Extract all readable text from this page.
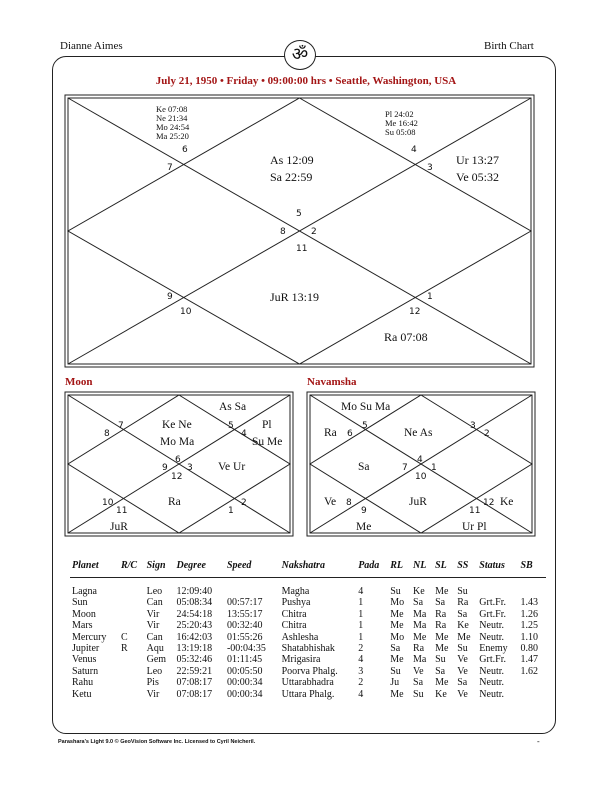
Dianne Aimes	Birth Chart
ॐ
July 21, 1950 • Friday • 09:00:00 hrs • Seattle, Washington, USA
5
8	2
11
6	4
7	3
9	1
10	12
Ke 07:08
Ne 21:34
Mo 24:54
Ma 25:20
Pl 24:02
Me 16:42
Su 05:08
As 12:09
Sa 22:59
Ur 13:27
Ve 05:32
JuR 13:19
Ra 07:08
Moon	Navamsha
As Sa
Ke Ne
Mo Ma
Pl
Su Me
Ve Ur
Ra
JuR
7
8
5
4
6
9
12
3
10
11	1
2
Mo Su Ma
Ra	Ne As
Sa
JuR
Ve	Ke
Me	Ur Pl
5
6
3
2
4
7	1
10
8
9
12
11
Planet	R/C	Sign	Degree	Speed	Nakshatra	Pada	RL	NL	SL	SS	Status	SB
Lagna		Leo	12:09:40		Magha	4	Su	Ke	Me	Su		
Sun		Can	05:08:34	00:57:17	Pushya	1	Mo	Sa	Sa	Ra	Grt.Fr.	1.43
Moon		Vir	24:54:18	13:55:17	Chitra	1	Me	Ma	Ra	Sa	Grt.Fr.	1.26
Mars		Vir	25:20:43	00:32:40	Chitra	1	Me	Ma	Ra	Ke	Neutr.	1.25
Mercury	C	Can	16:42:03	01:55:26	Ashlesha	1	Mo	Me	Me	Me	Neutr.	1.10
Jupiter	R	Aqu	13:19:18	-00:04:35	Shatabhishak	2	Sa	Ra	Me	Su	Enemy	0.80
Venus		Gem	05:32:46	01:11:45	Mrigasira	4	Me	Ma	Su	Ve	Grt.Fr.	1.47
Saturn		Leo	22:59:21	00:05:50	Poorva Phalg.	3	Su	Ve	Sa	Ve	Neutr.	1.62
Rahu		Pis	07:08:17	00:00:34	Uttarabhadra	2	Ju	Sa	Me	Sa	Neutr.	
Ketu		Vir	07:08:17	00:00:34	Uttara Phalg.	4	Me	Su	Ke	Ve	Neutr.	
Parashara's Light 9.0 © GeoVision Software Inc. Licensed to Cyril Neicheril.	-
